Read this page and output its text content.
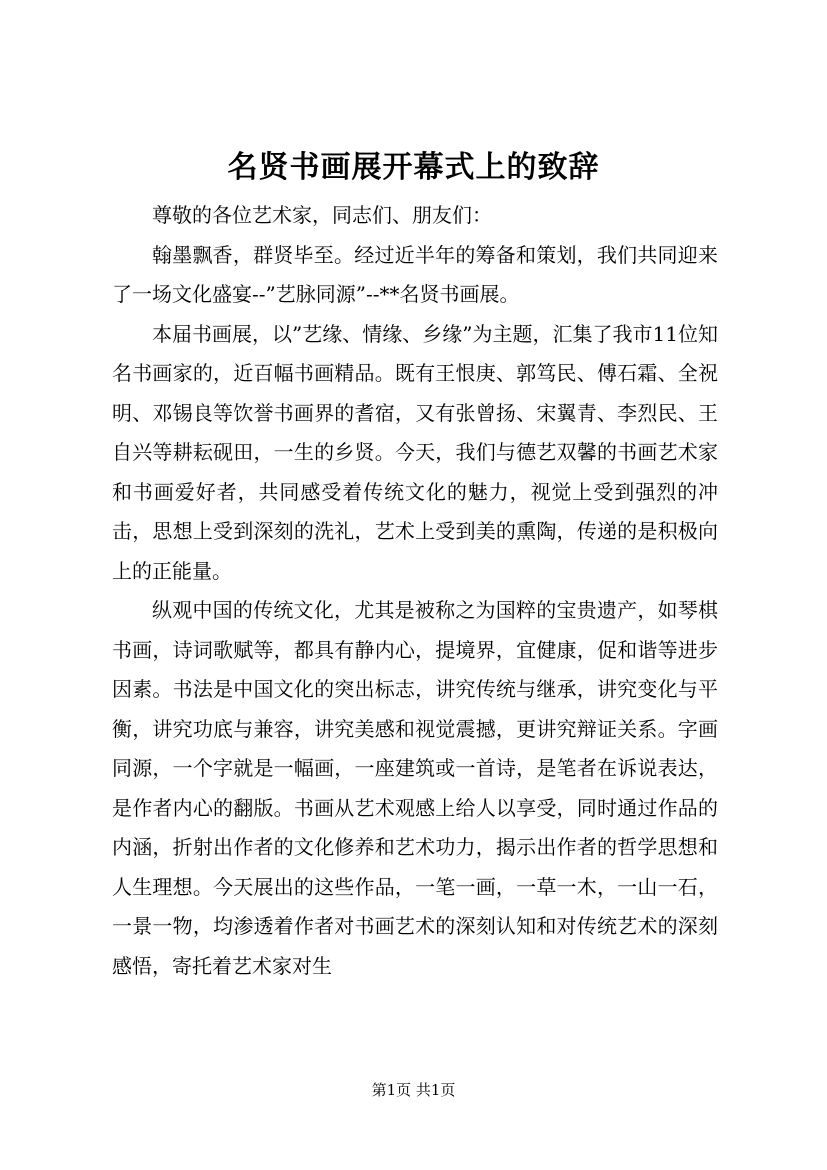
名贤书画展开幕式上的致辞

尊敬的各位艺术家，同志们、朋友们：

翰墨飘香，群贤毕至。经过近半年的筹备和策划，我们共同迎来了一场文化盛宴--”艺脉同源”--**名贤书画展。

本届书画展，以”艺缘、情缘、乡缘”为主题，汇集了我市11位知名书画家的，近百幅书画精品。既有王恨庚、郭笃民、傅石霜、全祝明、邓锡良等饮誉书画界的耆宿，又有张曾扬、宋翼青、李烈民、王自兴等耕耘砚田，一生的乡贤。今天，我们与德艺双馨的书画艺术家和书画爱好者，共同感受着传统文化的魅力，视觉上受到强烈的冲击，思想上受到深刻的洗礼，艺术上受到美的熏陶，传递的是积极向上的正能量。

纵观中国的传统文化，尤其是被称之为国粹的宝贵遗产，如琴棋书画，诗词歌赋等，都具有静内心，提境界，宜健康，促和谐等进步因素。书法是中国文化的突出标志，讲究传统与继承，讲究变化与平衡，讲究功底与兼容，讲究美感和视觉震撼，更讲究辩证关系。字画同源，一个字就是一幅画，一座建筑或一首诗，是笔者在诉说表达，是作者内心的翻版。书画从艺术观感上给人以享受，同时通过作品的内涵，折射出作者的文化修养和艺术功力，揭示出作者的哲学思想和人生理想。今天展出的这些作品，一笔一画，一草一木，一山一石，一景一物，均渗透着作者对书画艺术的深刻认知和对传统艺术的深刻感悟，寄托着艺术家对生

第1页 共1页
